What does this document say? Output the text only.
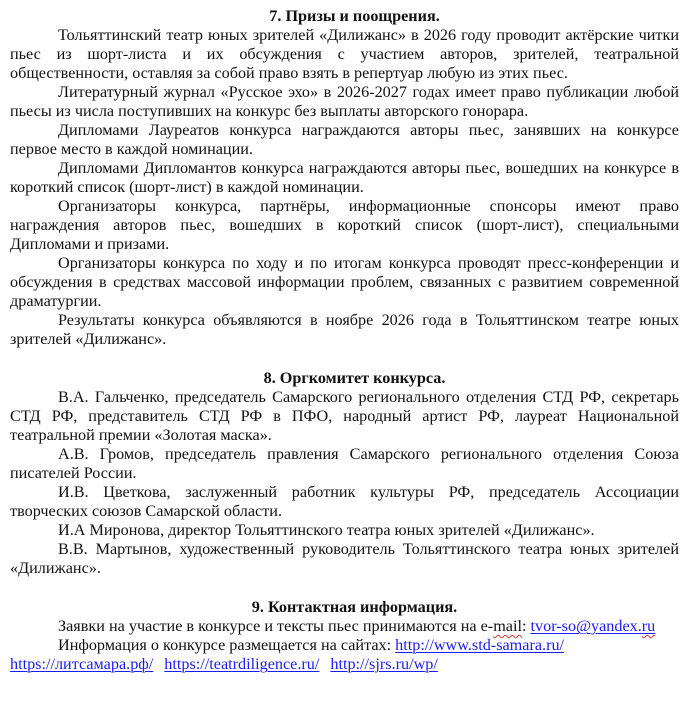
7. Призы и поощрения.

Тольяттинский театр юных зрителей «Дилижанс» в 2026 году проводит актёрские читки пьес из шорт-листа и их обсуждения с участием авторов, зрителей, театральной общественности, оставляя за собой право взять в репертуар любую из этих пьес.

Литературный журнал «Русское эхо» в 2026-2027 годах имеет право публикации любой пьесы из числа поступивших на конкурс без выплаты авторского гонорара.

Дипломами Лауреатов конкурса награждаются авторы пьес, занявших на конкурсе первое место в каждой номинации.

Дипломами Дипломантов конкурса награждаются авторы пьес, вошедших на конкурсе в короткий список (шорт-лист) в каждой номинации.

Организаторы конкурса, партнёры, информационные спонсоры имеют право награждения авторов пьес, вошедших в короткий список (шорт-лист), специальными Дипломами и призами.

Организаторы конкурса по ходу и по итогам конкурса проводят пресс-конференции и обсуждения в средствах массовой информации проблем, связанных с развитием современной драматургии.

Результаты конкурса объявляются в ноябре 2026 года в Тольяттинском театре юных зрителей «Дилижанс».

8. Оргкомитет конкурса.

В.А. Гальченко, председатель Самарского регионального отделения СТД РФ, секретарь СТД РФ, представитель СТД РФ в ПФО, народный артист РФ, лауреат Национальной театральной премии «Золотая маска».

А.В. Громов, председатель правления Самарского регионального отделения Союза писателей России.

И.В. Цветкова, заслуженный работник культуры РФ, председатель Ассоциации творческих союзов Самарской области.

И.А Миронова, директор Тольяттинского театра юных зрителей «Дилижанс».

В.В. Мартынов, художественный руководитель Тольяттинского театра юных зрителей «Дилижанс».

9. Контактная информация.

Заявки на участие в конкурсе и тексты пьес принимаются на e-mail: tvor-so@yandex.ru

Информация о конкурсе размещается на сайтах: http://www.std-samara.ru/

https://литсамара.рф/ https://teatrdiligence.ru/ http://sjrs.ru/wp/
